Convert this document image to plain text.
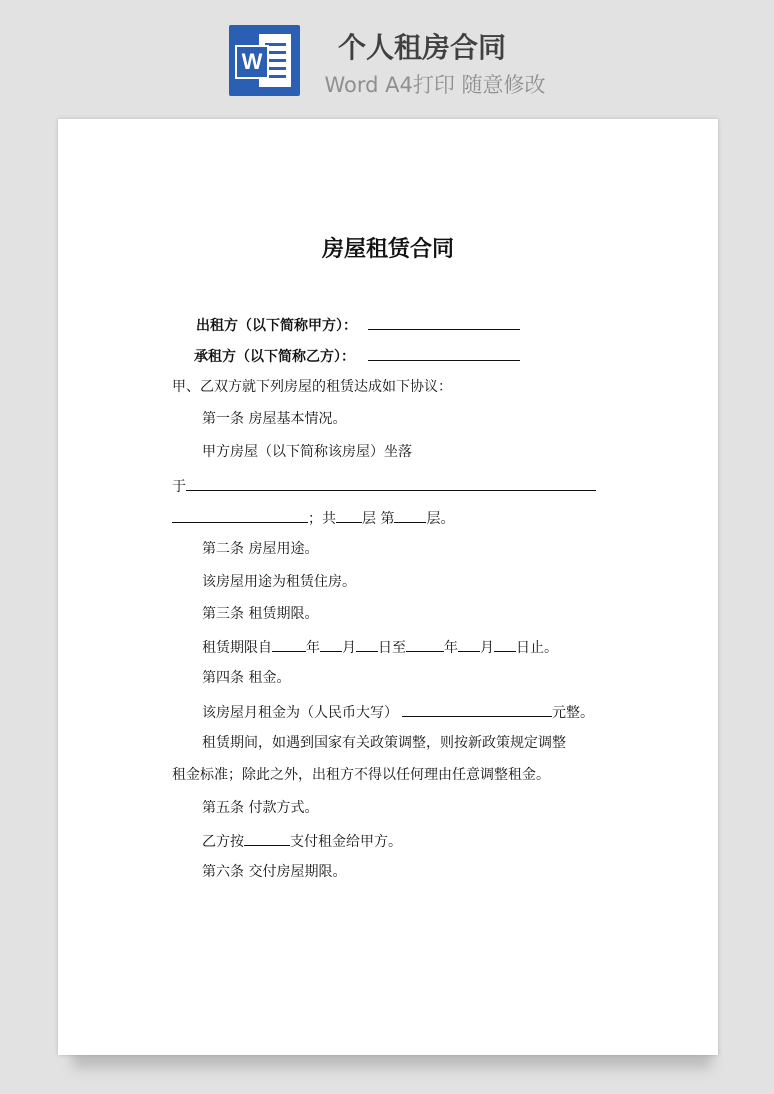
W	个人租房合同

Word A4打印 随意修改

房屋租赁合同
出租方（以下简称甲方）：
承租方（以下简称乙方）：
甲、乙双方就下列房屋的租赁达成如下协议：
第一条 房屋基本情况。
甲方房屋（以下简称该房屋）坐落
于
；共 层 第 层。
第二条 房屋用途。
该房屋用途为租赁住房。
第三条 租赁期限。
租赁期限自 年 月 日至	年 月 日止。
第四条 租金。
该房屋月租金为（人民币大写）	元整。
租赁期间，如遇到国家有关政策调整，则按新政策规定调整
租金标准；除此之外，出租方不得以任何理由任意调整租金。
第五条 付款方式。
乙方按	支付租金给甲方。
第六条 交付房屋期限。
